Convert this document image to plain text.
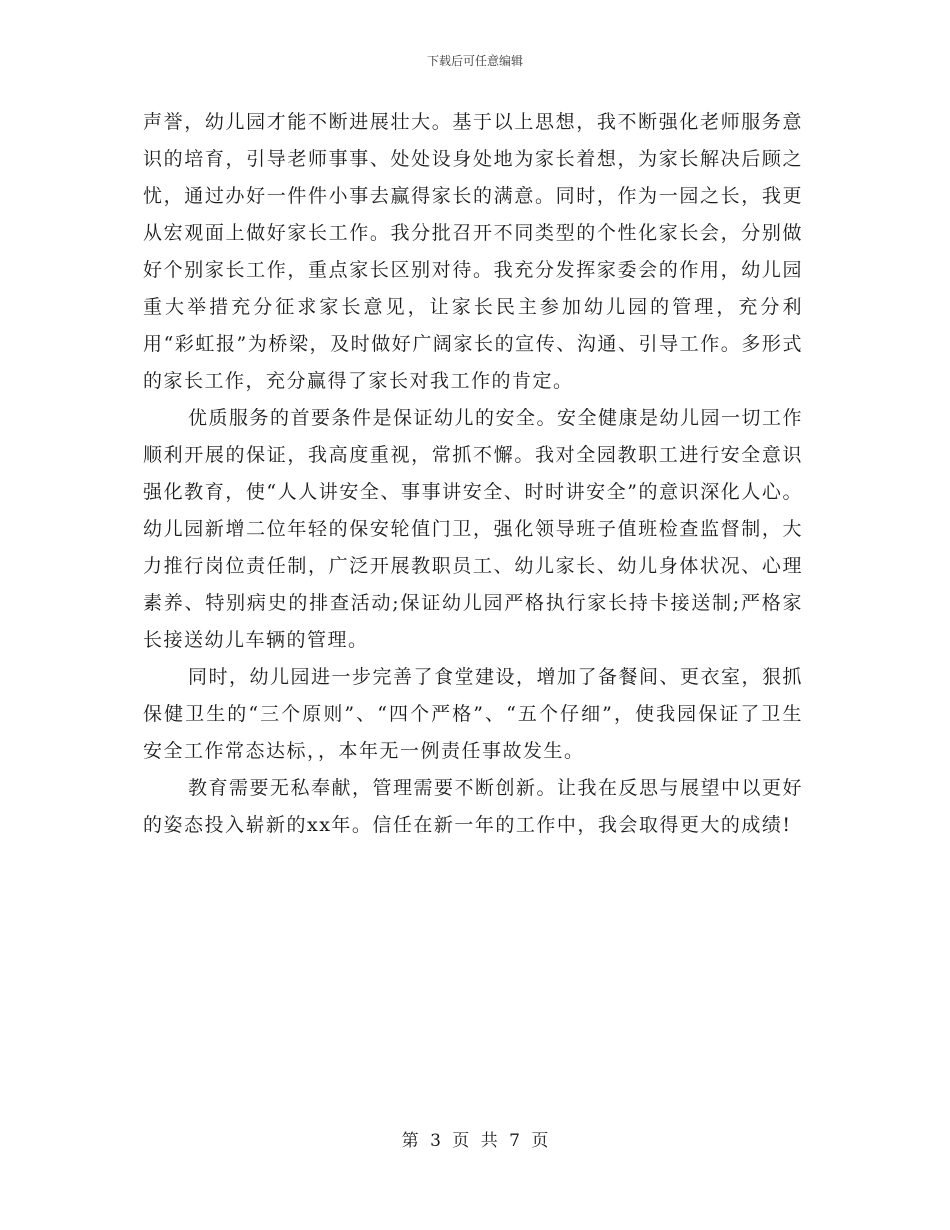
下载后可任意编辑

声誉，幼儿园才能不断进展壮大。基于以上思想，我不断强化老师服务意识的培育，引导老师事事、处处设身处地为家长着想，为家长解决后顾之忧，通过办好一件件小事去赢得家长的满意。同时，作为一园之长，我更从宏观面上做好家长工作。我分批召开不同类型的个性化家长会，分别做好个别家长工作，重点家长区别对待。我充分发挥家委会的作用，幼儿园重大举措充分征求家长意见，让家长民主参加幼儿园的管理，充分利用“彩虹报”为桥梁，及时做好广阔家长的宣传、沟通、引导工作。多形式的家长工作，充分赢得了家长对我工作的肯定。

优质服务的首要条件是保证幼儿的安全。安全健康是幼儿园一切工作顺利开展的保证，我高度重视，常抓不懈。我对全园教职工进行安全意识强化教育，使“人人讲安全、事事讲安全、时时讲安全”的意识深化人心。幼儿园新增二位年轻的保安轮值门卫，强化领导班子值班检查监督制，大力推行岗位责任制，广泛开展教职员工、幼儿家长、幼儿身体状况、心理素养、特别病史的排查活动;保证幼儿园严格执行家长持卡接送制;严格家长接送幼儿车辆的管理。

同时，幼儿园进一步完善了食堂建设，增加了备餐间、更衣室，狠抓保健卫生的“三个原则”、“四个严格”、“五个仔细”，使我园保证了卫生安全工作常态达标，，本年无一例责任事故发生。

教育需要无私奉献，管理需要不断创新。让我在反思与展望中以更好的姿态投入崭新的xx年。信任在新一年的工作中，我会取得更大的成绩!

第 3 页 共 7 页
